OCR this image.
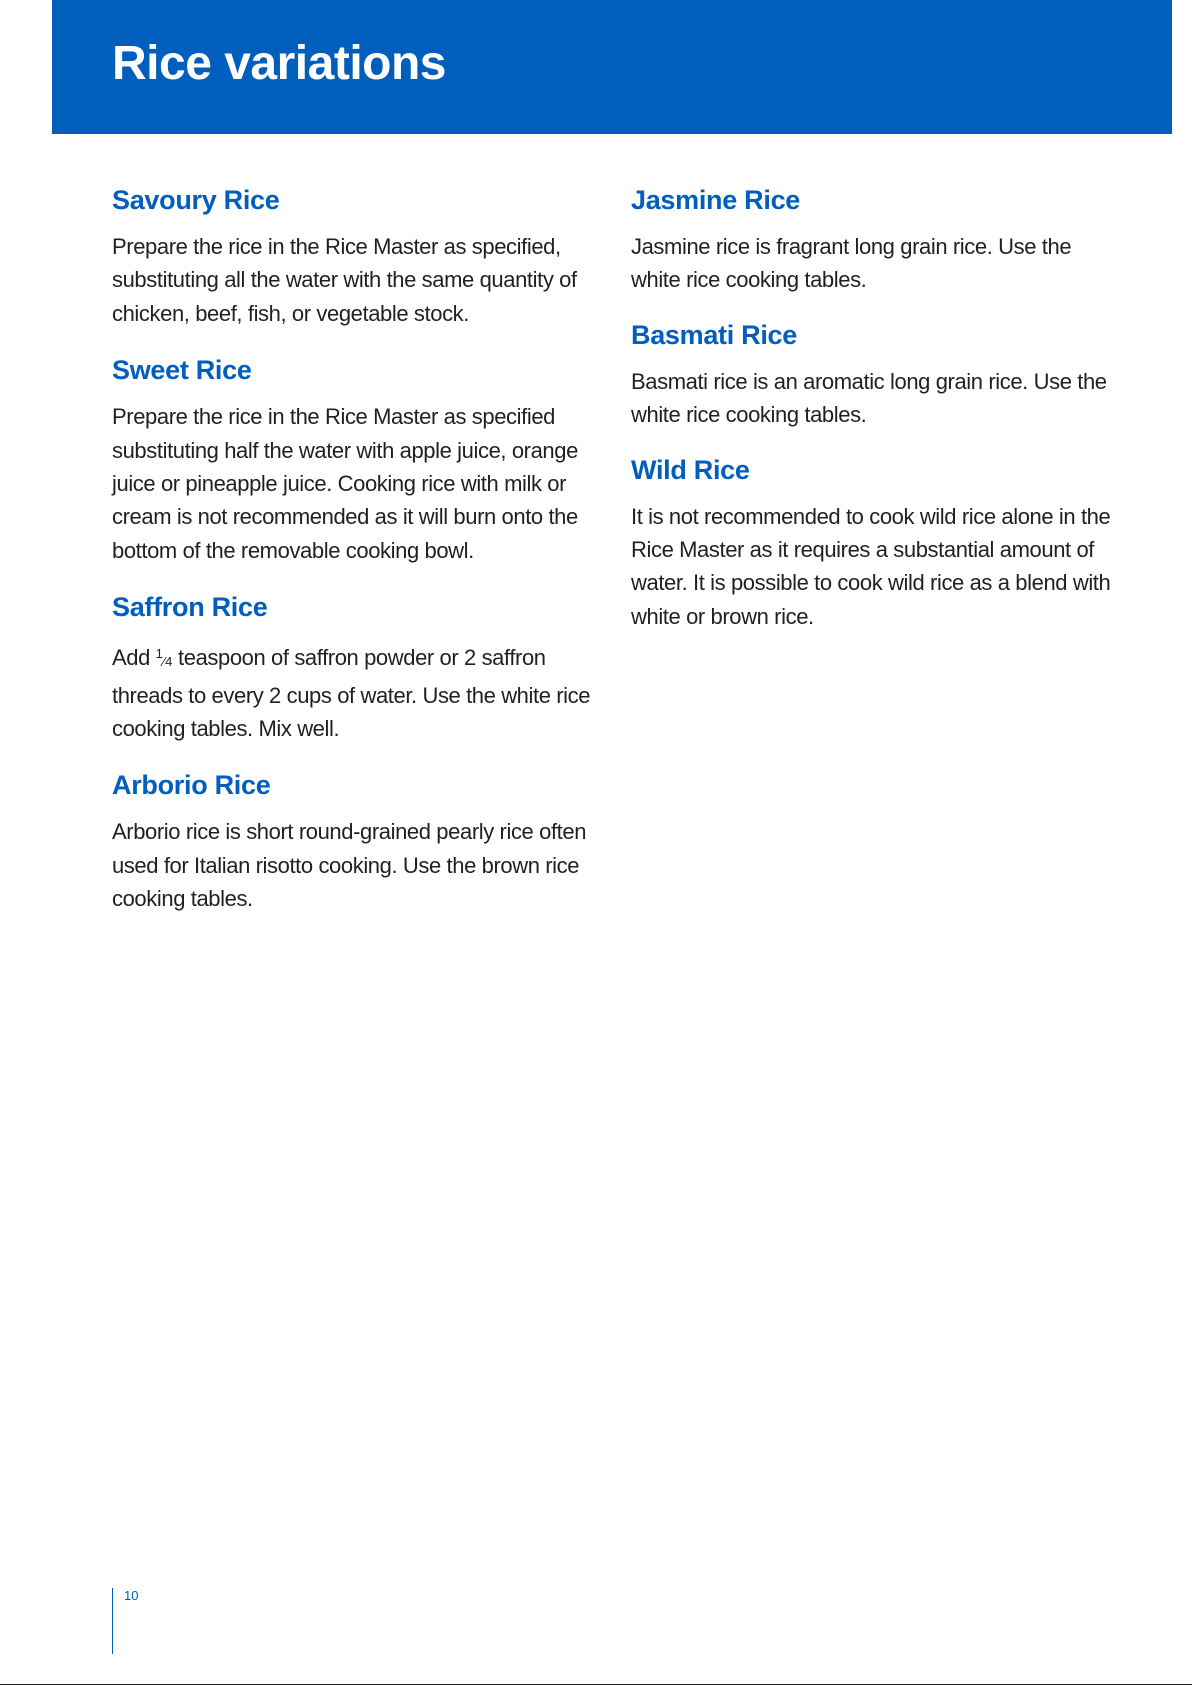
Rice variations
Savoury Rice

Prepare the rice in the Rice Master as specified, substituting all the water with the same quantity of chicken, beef, fish, or vegetable stock.

Sweet Rice

Prepare the rice in the Rice Master as specified substituting half the water with apple juice, orange juice or pineapple juice. Cooking rice with milk or cream is not recommended as it will burn onto the bottom of the removable cooking bowl.

Saffron Rice

Add $^1$⁄4 teaspoon of saffron powder or 2 saffron threads to every 2 cups of water. Use the white rice cooking tables. Mix well.

Arborio Rice

Arborio rice is short round-grained pearly rice often used for Italian risotto cooking. Use the brown rice cooking tables.

Jasmine Rice

Jasmine rice is fragrant long grain rice. Use the white rice cooking tables.

Basmati Rice

Basmati rice is an aromatic long grain rice. Use the white rice cooking tables.

Wild Rice

It is not recommended to cook wild rice alone in the Rice Master as it requires a substantial amount of water. It is possible to cook wild rice as a blend with white or brown rice.

10
